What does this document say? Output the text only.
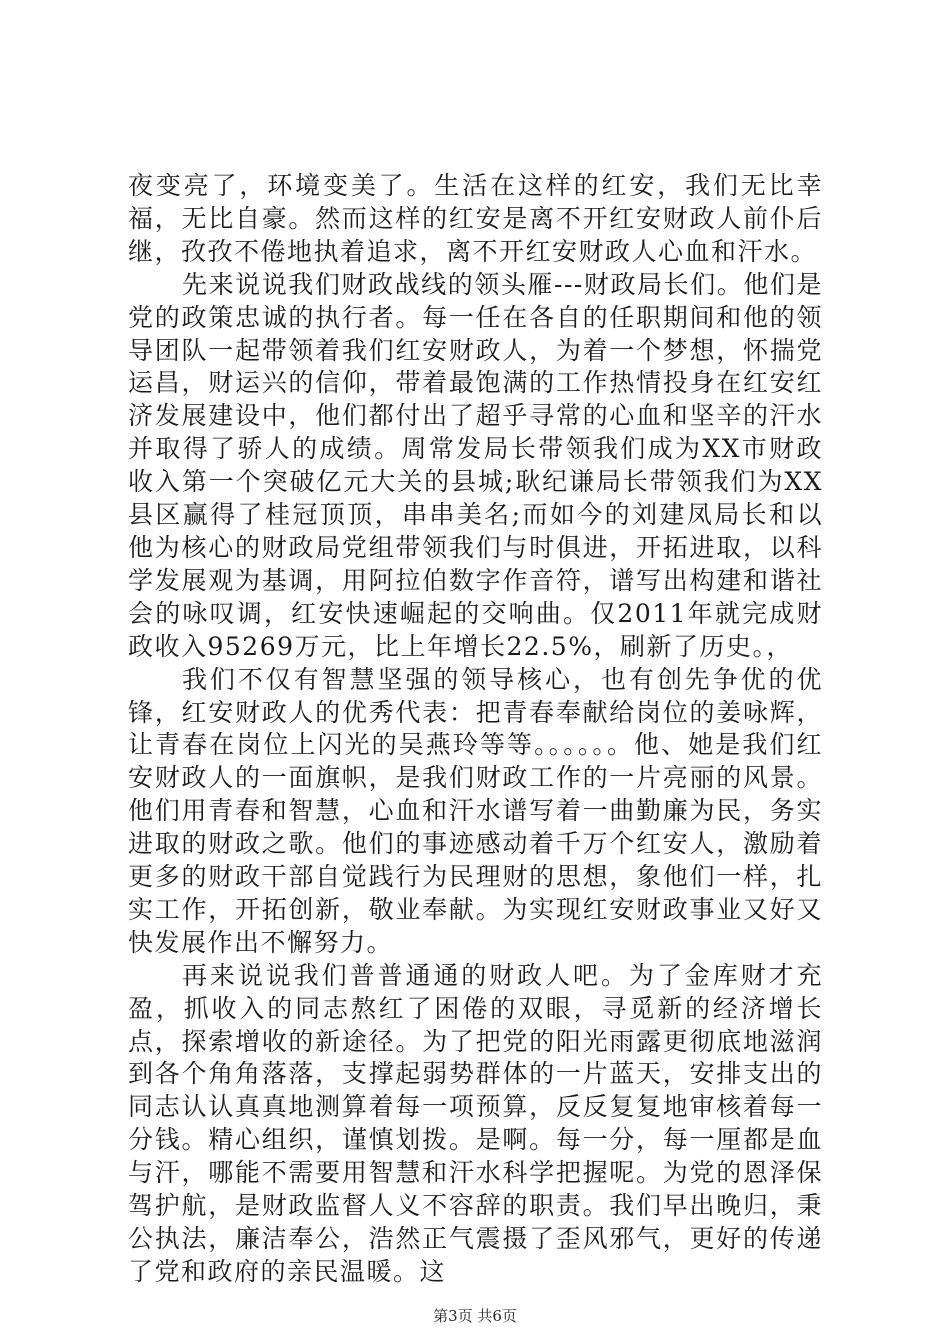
夜变亮了，环境变美了。生活在这样的红安，我们无比幸福，无比自豪。然而这样的红安是离不开红安财政人前仆后继，孜孜不倦地执着追求，离不开红安财政人心血和汗水。

先来说说我们财政战线的领头雁---财政局长们。他们是党的政策忠诚的执行者。每一任在各自的任职期间和他的领导团队一起带领着我们红安财政人，为着一个梦想，怀揣党运昌，财运兴的信仰，带着最饱满的工作热情投身在红安红济发展建设中，他们都付出了超乎寻常的心血和坚辛的汗水并取得了骄人的成绩。周常发局长带领我们成为XX市财政收入第一个突破亿元大关的县城;耿纪谦局长带领我们为XX县区赢得了桂冠顶顶，串串美名;而如今的刘建凤局长和以他为核心的财政局党组带领我们与时俱进，开拓进取，以科学发展观为基调，用阿拉伯数字作音符，谱写出构建和谐社会的咏叹调，红安快速崛起的交响曲。仅2011年就完成财政收入95269万元，比上年增长22.5%，刷新了历史。，

我们不仅有智慧坚强的领导核心，也有创先争优的优锋，红安财政人的优秀代表：把青春奉献给岗位的姜咏辉，让青春在岗位上闪光的吴燕玲等等。。。。。。他、她是我们红安财政人的一面旗帜，是我们财政工作的一片亮丽的风景。他们用青春和智慧，心血和汗水谱写着一曲勤廉为民，务实进取的财政之歌。他们的事迹感动着千万个红安人，激励着更多的财政干部自觉践行为民理财的思想，象他们一样，扎实工作，开拓创新，敬业奉献。为实现红安财政事业又好又快发展作出不懈努力。

再来说说我们普普通通的财政人吧。为了金库财才充盈，抓收入的同志熬红了困倦的双眼，寻觅新的经济增长点，探索增收的新途径。为了把党的阳光雨露更彻底地滋润到各个角角落落，支撑起弱势群体的一片蓝天，安排支出的同志认认真真地测算着每一项预算，反反复复地审核着每一分钱。精心组织，谨慎划拨。是啊。每一分，每一厘都是血与汗，哪能不需要用智慧和汗水科学把握呢。为党的恩泽保驾护航，是财政监督人义不容辞的职责。我们早出晚归，秉公执法，廉洁奉公，浩然正气震摄了歪风邪气，更好的传递了党和政府的亲民温暖。这

第3页 共6页
